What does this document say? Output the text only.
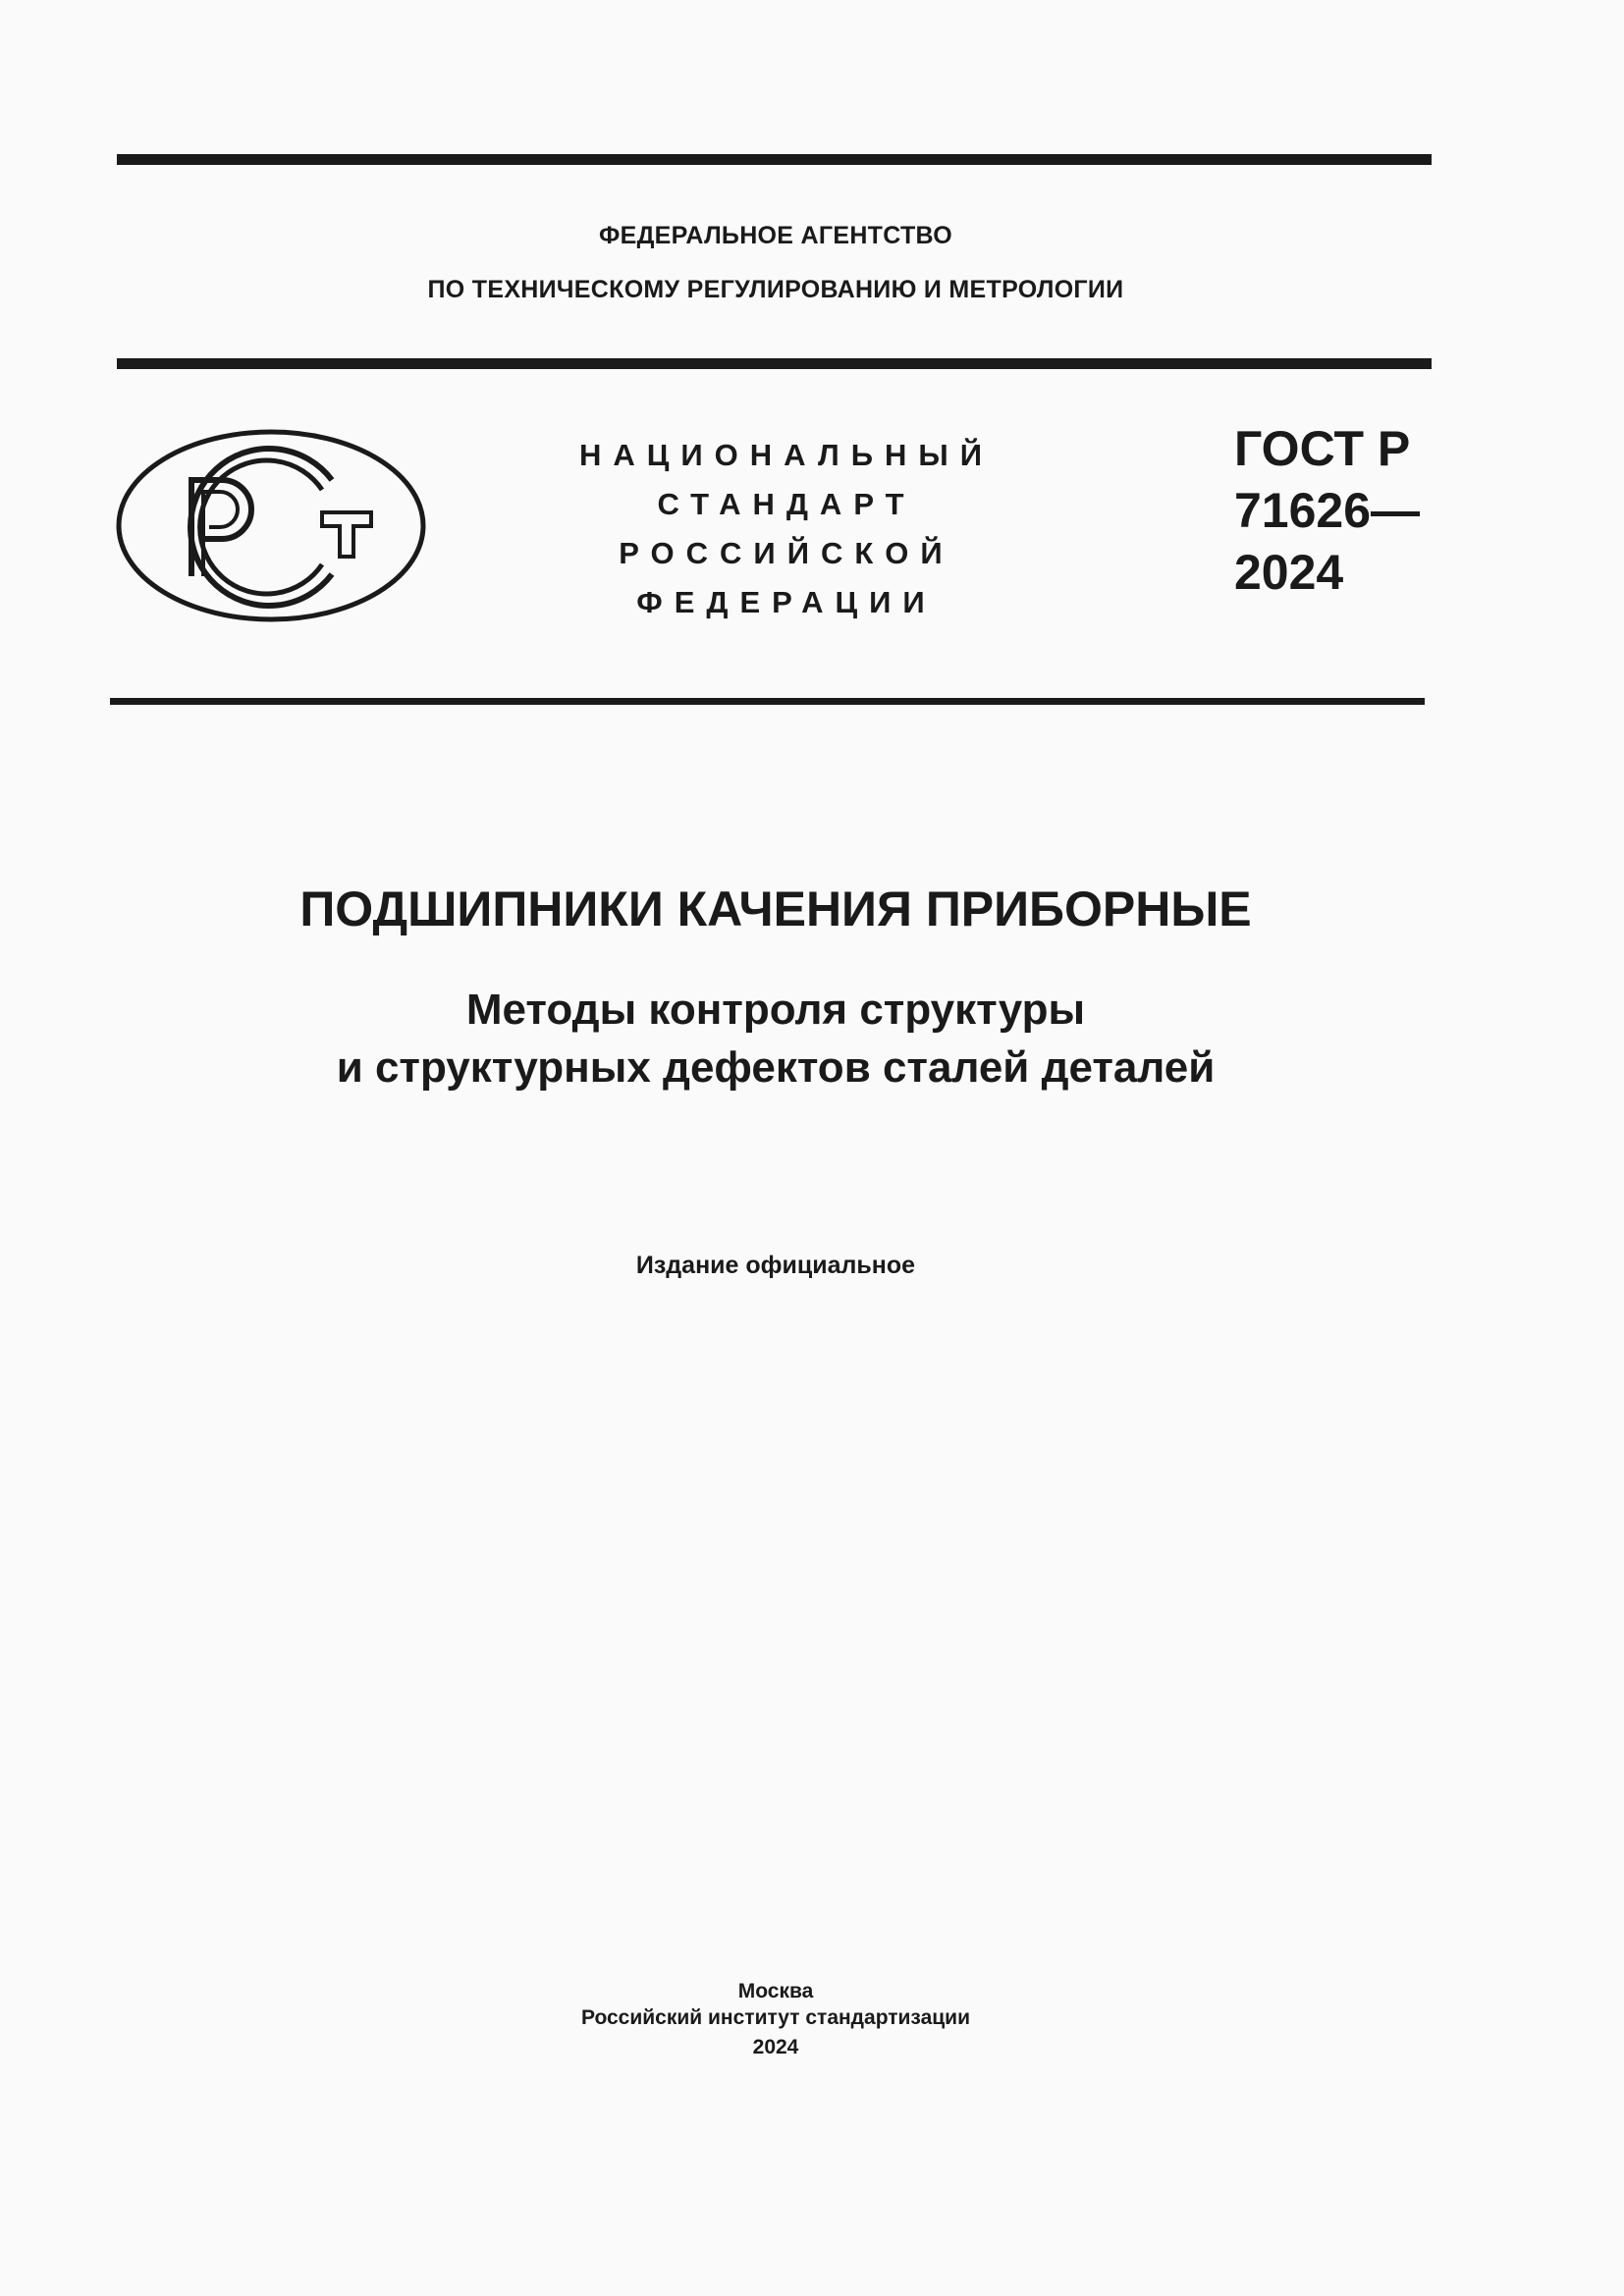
ФЕДЕРАЛЬНОЕ АГЕНТСТВО
ПО ТЕХНИЧЕСКОМУ РЕГУЛИРОВАНИЮ И МЕТРОЛОГИИ
НАЦИОНАЛЬНЫЙ
СТАНДАРТ
РОССИЙСКОЙ
ФЕДЕРАЦИИ
ГОСТ Р
71626—
2024
ПОДШИПНИКИ КАЧЕНИЯ ПРИБОРНЫЕ
Методы контроля структуры
и структурных дефектов сталей деталей
Издание официальное
Москва
Российский институт стандартизации
2024
